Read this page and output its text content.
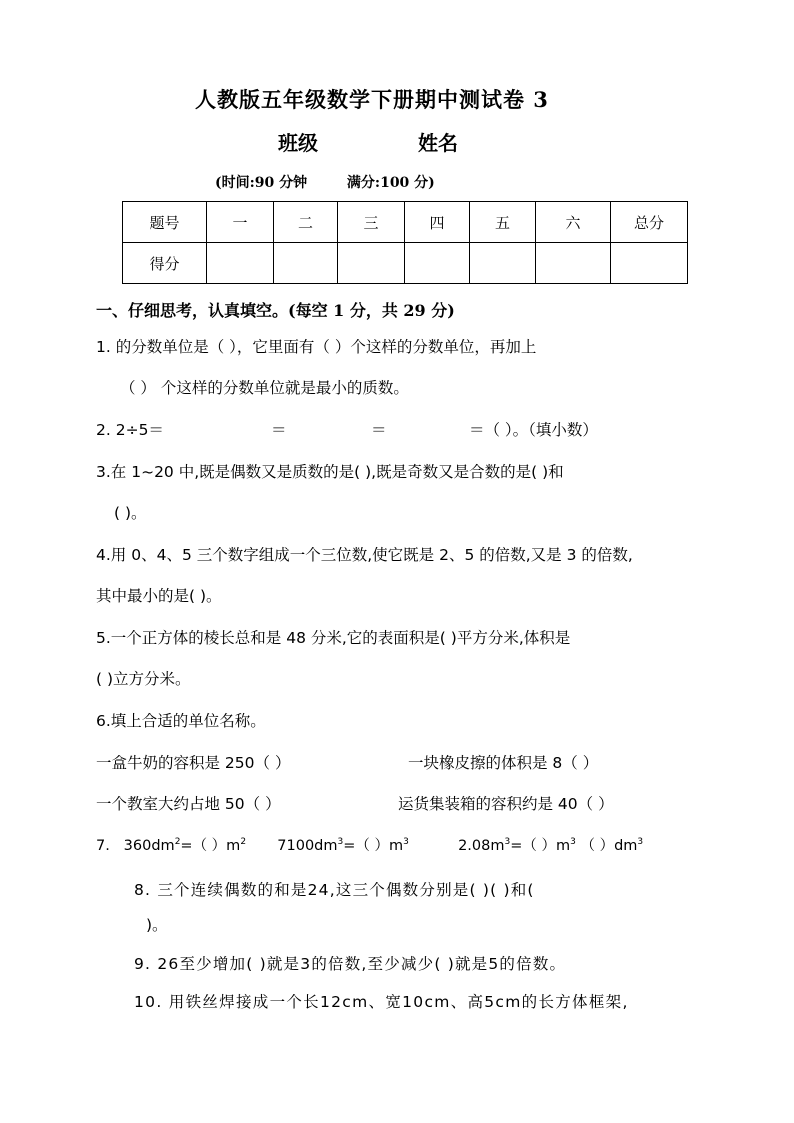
人教版五年级数学下册期中测试卷 3
班级	姓名
(时间:90 分钟	满分:100 分)
题号	一	二	三	四	五	六	总分
得分							
一、仔细思考，认真填空。(每空 1 分，共 29 分)
1. 的分数单位是（ ），它里面有（ ）个这样的分数单位，再加上
（ ） 个这样的分数单位就是最小的质数。
2. 2÷5＝	＝	＝	＝（ ）。（填小数）
3.在 1~20 中,既是偶数又是质数的是( ),既是奇数又是合数的是( )和
( )。
4.用 0、4、5 三个数字组成一个三位数,使它既是 2、5 的倍数,又是 3 的倍数,
其中最小的是( )。
5.一个正方体的棱长总和是 48 分米,它的表面积是( )平方分米,体积是
( )立方分米。
6.填上合适的单位名称。
一盒牛奶的容积是 250（ ）	一块橡皮擦的体积是 8（ ）
一个教室大约占地 50（ ）	运货集装箱的容积约是 40（ ）
7. $360dm^2=$（ ）$m^2$ $7100dm^3=$（ ）$m^3$	$2.08m^3=$（ ）$m^3$ （ ）$dm^3$
8. 三个连续偶数的和是24,这三个偶数分别是( )( )和(
)。
9. 26至少增加( )就是3的倍数,至少减少( )就是5的倍数。
10. 用铁丝焊接成一个长12cm、宽10cm、高5cm的长方体框架,
